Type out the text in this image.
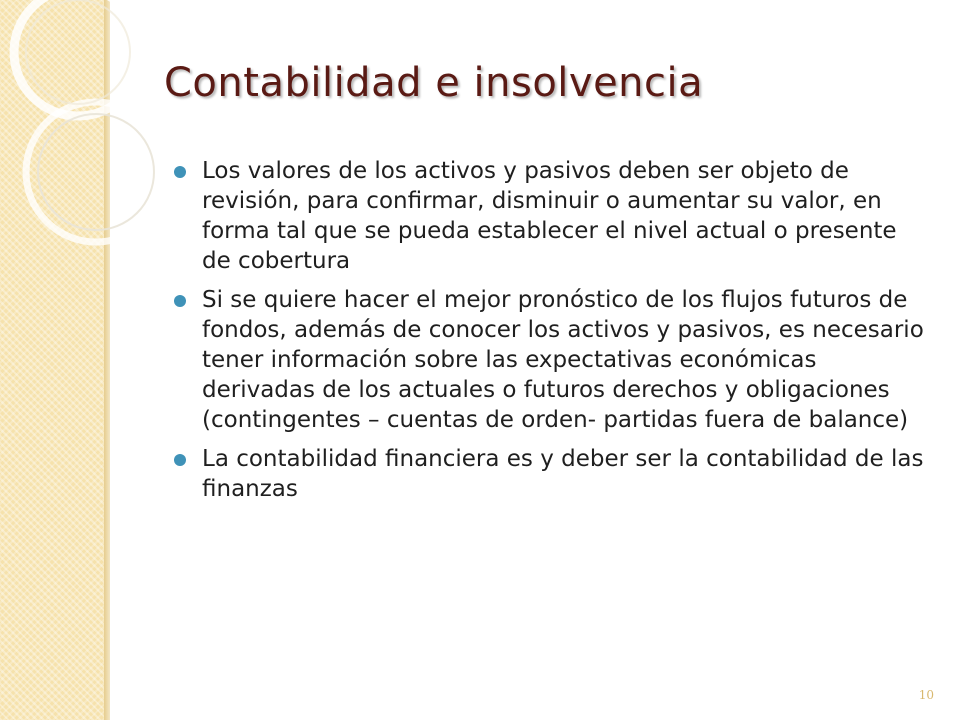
Contabilidad e insolvencia
Los valores de los activos y pasivos deben ser objeto de revisión, para confirmar, disminuir o aumentar su valor, en forma tal que se pueda establecer el nivel actual o presente de cobertura
Si se quiere hacer el mejor pronóstico de los flujos futuros de fondos, además de conocer los activos y pasivos, es necesario tener información sobre las expectativas económicas derivadas de los actuales o futuros derechos y obligaciones (contingentes – cuentas de orden- partidas fuera de balance)
La contabilidad financiera es y deber ser la contabilidad de las finanzas
10
